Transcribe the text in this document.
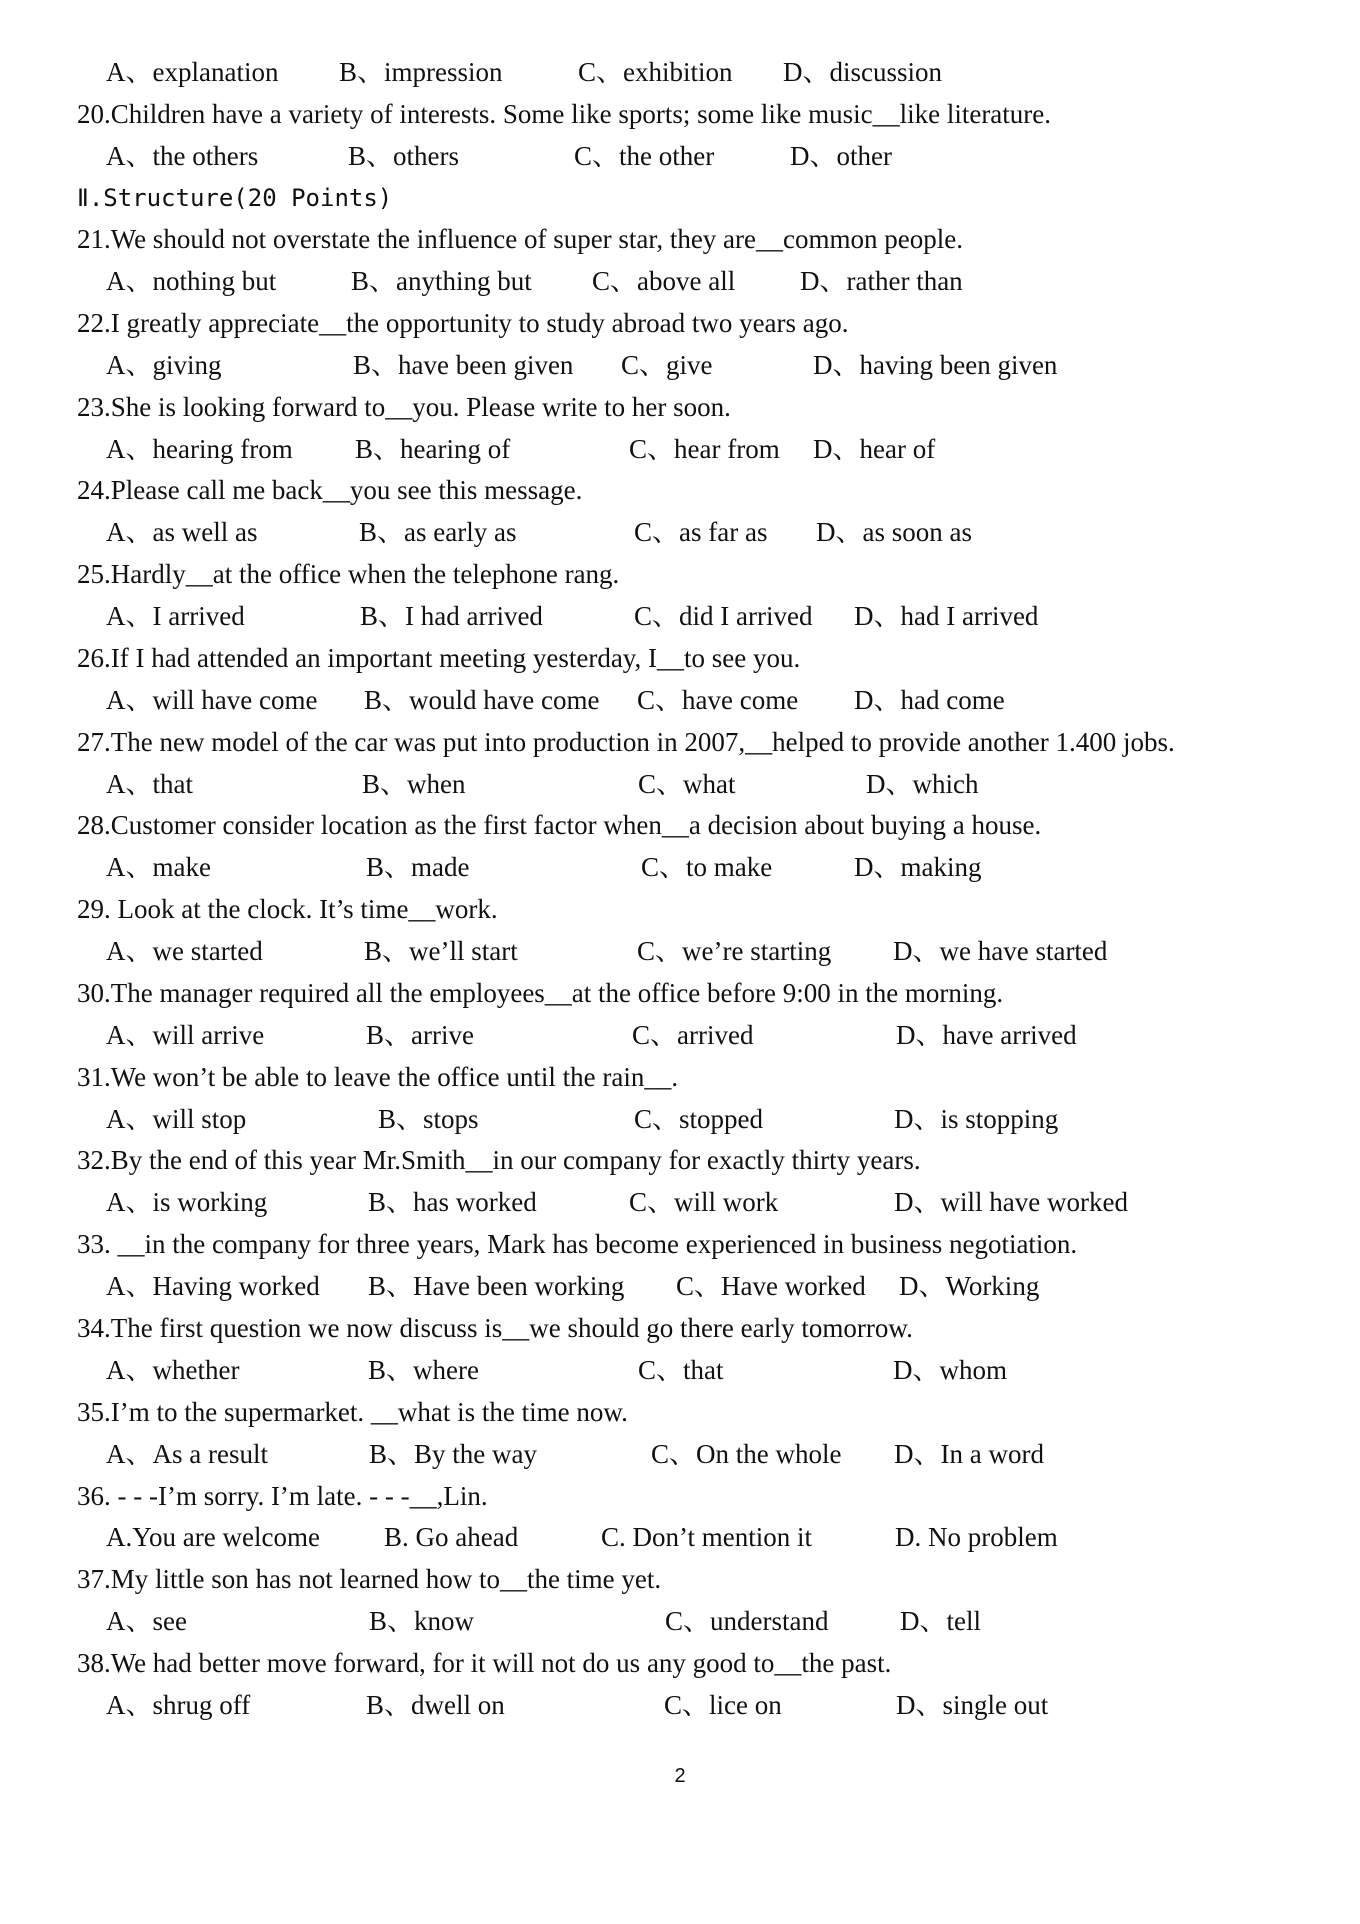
A、explanation B、impression	C、exhibition D、discussion
20.Children have a variety of interests. Some like sports; some like music__like literature.
A、the others	B、others	C、the other	D、other
Ⅱ.Structure(20 Points)
21.We should not overstate the influence of super star, they are__common people.
A、nothing but	B、anything but C、above all D、rather than
22.I greatly appreciate__the opportunity to study abroad two years ago.
A、giving	B、have been given C、give	D、having been given
23.She is looking forward to__you. Please write to her soon.
A、hearing from B、hearing of	C、hear from D、hear of
24.Please call me back__you see this message.
A、as well as	B、as early as	C、as far as D、as soon as
25.Hardly__at the office when the telephone rang.
A、I arrived	B、I had arrived	C、did I arrived D、had I arrived
26.If I had attended an important meeting yesterday, I__to see you.
A、will have come B、would have come C、have come D、had come
27.The new model of the car was put into production in 2007,__helped to provide another 1.400 jobs.
A、that	B、when	C、what	D、which
28.Customer consider location as the first factor when__a decision about buying a house.
A、make	B、made	C、to make	D、making
29. Look at the clock. It’s time__work.
A、we started	B、we’ll start	C、we’re starting D、we have started
30.The manager required all the employees__at the office before 9:00 in the morning.
A、will arrive	B、arrive	C、arrived	D、have arrived
31.We won’t be able to leave the office until the rain__.
A、will stop	B、stops	C、stopped	D、is stopping
32.By the end of this year Mr.Smith__in our company for exactly thirty years.
A、is working	B、has worked	C、will work	D、will have worked
33. __in the company for three years, Mark has become experienced in business negotiation.
A、Having worked B、Have been working C、Have worked D、Working
34.The first question we now discuss is__we should go there early tomorrow.
A、whether	B、where	C、that	D、whom
35.I’m to the supermarket. __what is the time now.
A、As a result	B、By the way	C、On the whole D、In a word
36. - - -I’m sorry. I’m late. - - -__,Lin.
A.You are welcome B. Go ahead	C. Don’t mention it	D. No problem
37.My little son has not learned how to__the time yet.
A、see	B、know	C、understand	D、tell
38.We had better move forward, for it will not do us any good to__the past.
A、shrug off	B、dwell on	C、lice on	D、single out
2
